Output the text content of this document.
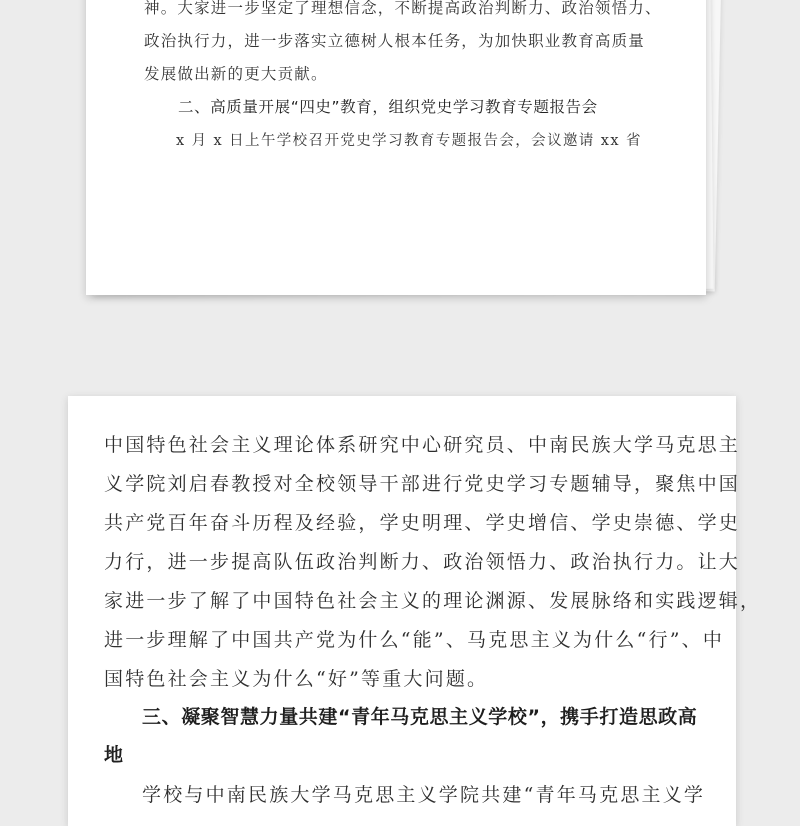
神。大家进一步坚定了理想信念，不断提高政治判断力、政治领悟力、
政治执行力，进一步落实立德树人根本任务，为加快职业教育高质量
发展做出新的更大贡献。
二、高质量开展“四史”教育，组织党史学习教育专题报告会
x 月 x 日上午学校召开党史学习教育专题报告会，会议邀请 xx 省
中国特色社会主义理论体系研究中心研究员、中南民族大学马克思主
义学院刘启春教授对全校领导干部进行党史学习专题辅导，聚焦中国
共产党百年奋斗历程及经验，学史明理、学史增信、学史崇德、学史
力行，进一步提高队伍政治判断力、政治领悟力、政治执行力。让大
家进一步了解了中国特色社会主义的理论渊源、发展脉络和实践逻辑，
进一步理解了中国共产党为什么“能”、马克思主义为什么“行”、中
国特色社会主义为什么“好”等重大问题。
三、凝聚智慧力量共建“青年马克思主义学校”，携手打造思政高
地
学校与中南民族大学马克思主义学院共建“青年马克思主义学
